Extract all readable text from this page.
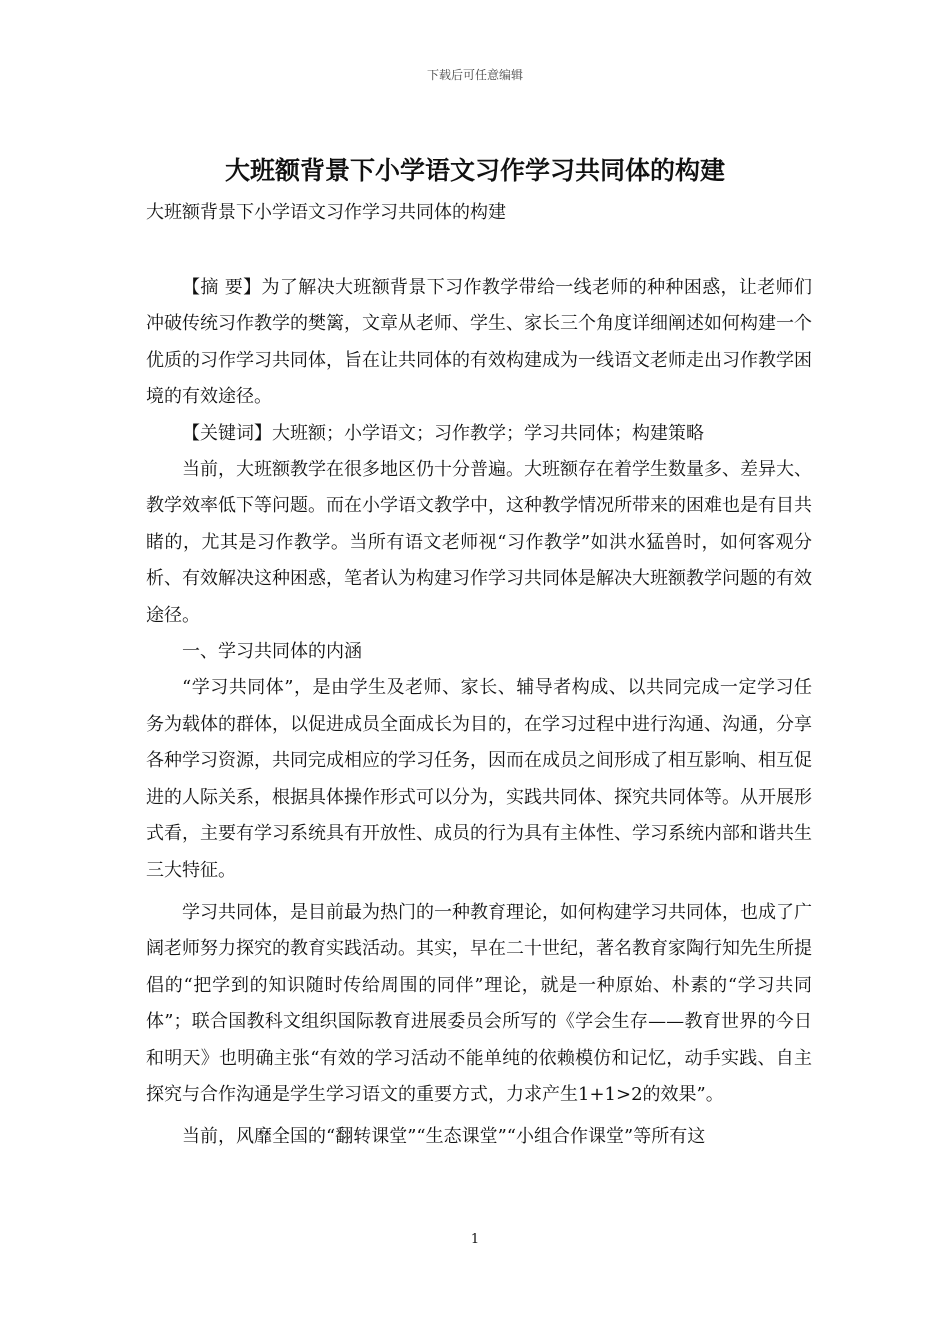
下载后可任意编辑
大班额背景下小学语文习作学习共同体的构建

大班额背景下小学语文习作学习共同体的构建

【摘 要】为了解决大班额背景下习作教学带给一线老师的种种困惑，让老师们冲破传统习作教学的樊篱，文章从老师、学生、家长三个角度详细阐述如何构建一个优质的习作学习共同体，旨在让共同体的有效构建成为一线语文老师走出习作教学困境的有效途径。

【关键词】大班额；小学语文；习作教学；学习共同体；构建策略

当前，大班额教学在很多地区仍十分普遍。大班额存在着学生数量多、差异大、教学效率低下等问题。而在小学语文教学中，这种教学情况所带来的困难也是有目共睹的，尤其是习作教学。当所有语文老师视“习作教学”如洪水猛兽时，如何客观分析、有效解决这种困惑，笔者认为构建习作学习共同体是解决大班额教学问题的有效途径。

一、学习共同体的内涵

“学习共同体”，是由学生及老师、家长、辅导者构成、以共同完成一定学习任务为载体的群体，以促进成员全面成长为目的，在学习过程中进行沟通、沟通，分享各种学习资源，共同完成相应的学习任务，因而在成员之间形成了相互影响、相互促进的人际关系，根据具体操作形式可以分为，实践共同体、探究共同体等。从开展形式看，主要有学习系统具有开放性、成员的行为具有主体性、学习系统内部和谐共生三大特征。

学习共同体，是目前最为热门的一种教育理论，如何构建学习共同体，也成了广阔老师努力探究的教育实践活动。其实，早在二十世纪，著名教育家陶行知先生所提倡的“把学到的知识随时传给周围的同伴”理论，就是一种原始、朴素的“学习共同体”；联合国教科文组织国际教育进展委员会所写的《学会生存——教育世界的今日和明天》也明确主张“有效的学习活动不能单纯的依赖模仿和记忆，动手实践、自主探究与合作沟通是学生学习语文的重要方式，力求产生1+1>2的效果”。

当前，风靡全国的“翻转课堂”“生态课堂”“小组合作课堂”等所有这

1
